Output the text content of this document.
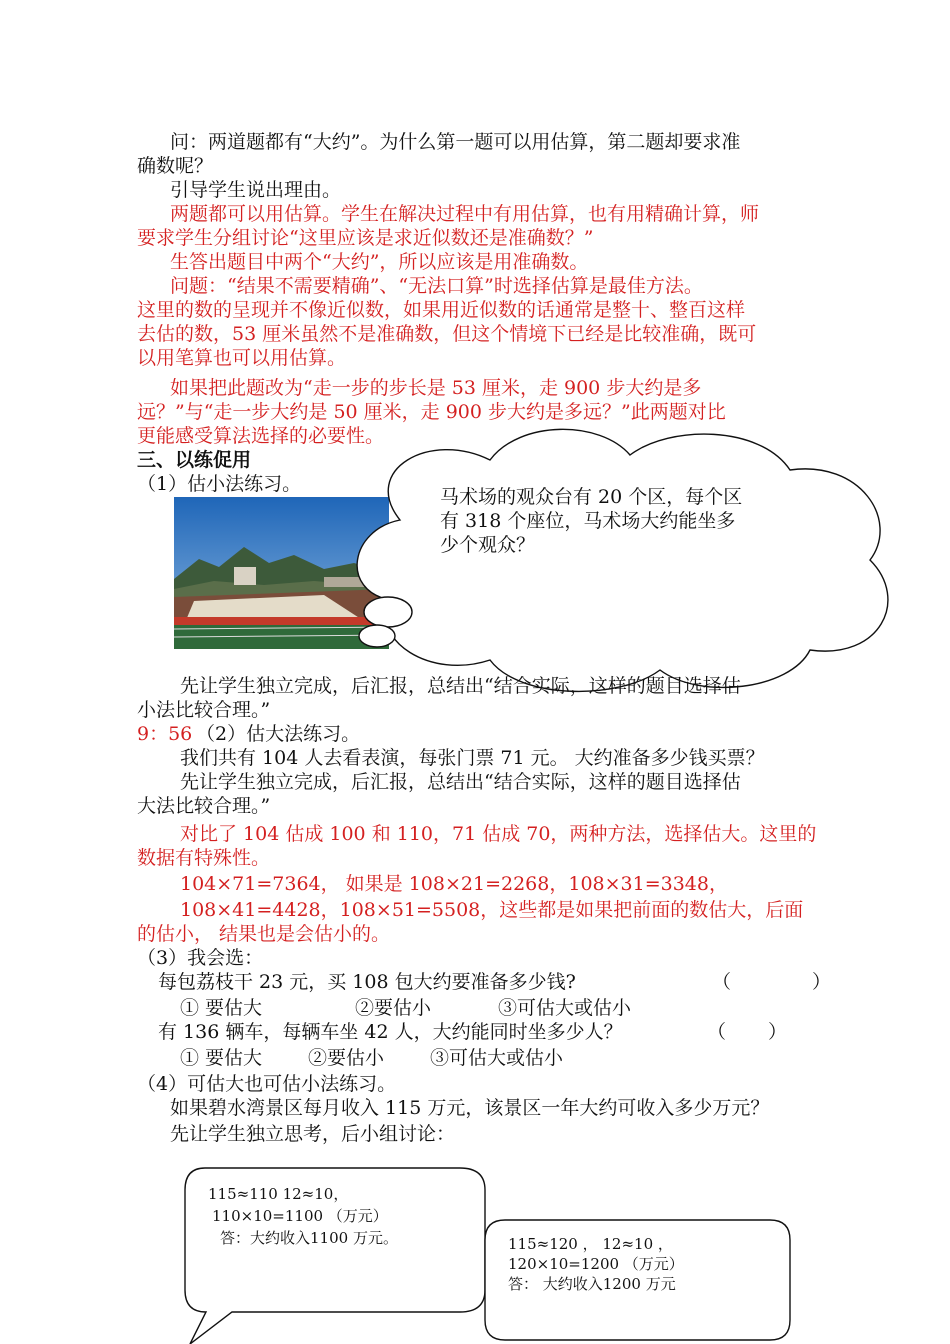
问：两道题都有“大约”。为什么第一题可以用估算，第二题却要求准
确数呢？
引导学生说出理由。
两题都可以用估算。学生在解决过程中有用估算，也有用精确计算，师
要求学生分组讨论“这里应该是求近似数还是准确数？”
生答出题目中两个“大约”，所以应该是用准确数。
问题：“结果不需要精确”、“无法口算”时选择估算是最佳方法。
这里的数的呈现并不像近似数，如果用近似数的话通常是整十、整百这样
去估的数，53 厘米虽然不是准确数，但这个情境下已经是比较准确，既可
以用笔算也可以用估算。
如果把此题改为“走一步的步长是 53 厘米，走 900 步大约是多
远？”与“走一步大约是 50 厘米，走 900 步大约是多远？”此两题对比
更能感受算法选择的必要性。
三、以练促用
（1）估小法练习。
马术场的观众台有 20 个区，每个区
有 318 个座位，马术场大约能坐多
少个观众？
先让学生独立完成，后汇报，总结出“结合实际，这样的题目选择估
小法比较合理。”
9：56 （2）估大法练习。
我们共有 104 人去看表演，每张门票 71 元。 大约准备多少钱买票？
先让学生独立完成，后汇报，总结出“结合实际，这样的题目选择估
大法比较合理。”
对比了 104 估成 100 和 110，71 估成 70，两种方法，选择估大。这里的
数据有特殊性。
104×71=7364， 如果是 108×21=2268，108×31=3348，
108×41=4428，108×51=5508，这些都是如果把前面的数估大，后面
的估小， 结果也是会估小的。
（3）我会选：
每包荔枝干 23 元，买 108 包大约要准备多少钱?	（	）
① 要估大	②要估小	③可估大或估小
有 136 辆车，每辆车坐 42 人，大约能同时坐多少人？	（ ）
① 要估大 ②要估小 ③可估大或估小
（4）可估大也可估小法练习。
如果碧水湾景区每月收入 115 万元，该景区一年大约可收入多少万元？
先让学生独立思考，后小组讨论：
115≈110 12≈10，
110×10=1100 （万元）
答：大约收入1100 万元。	115≈120 ， 12≈10 ，
120×10=1200 （万元）
答： 大约收入1200 万元
